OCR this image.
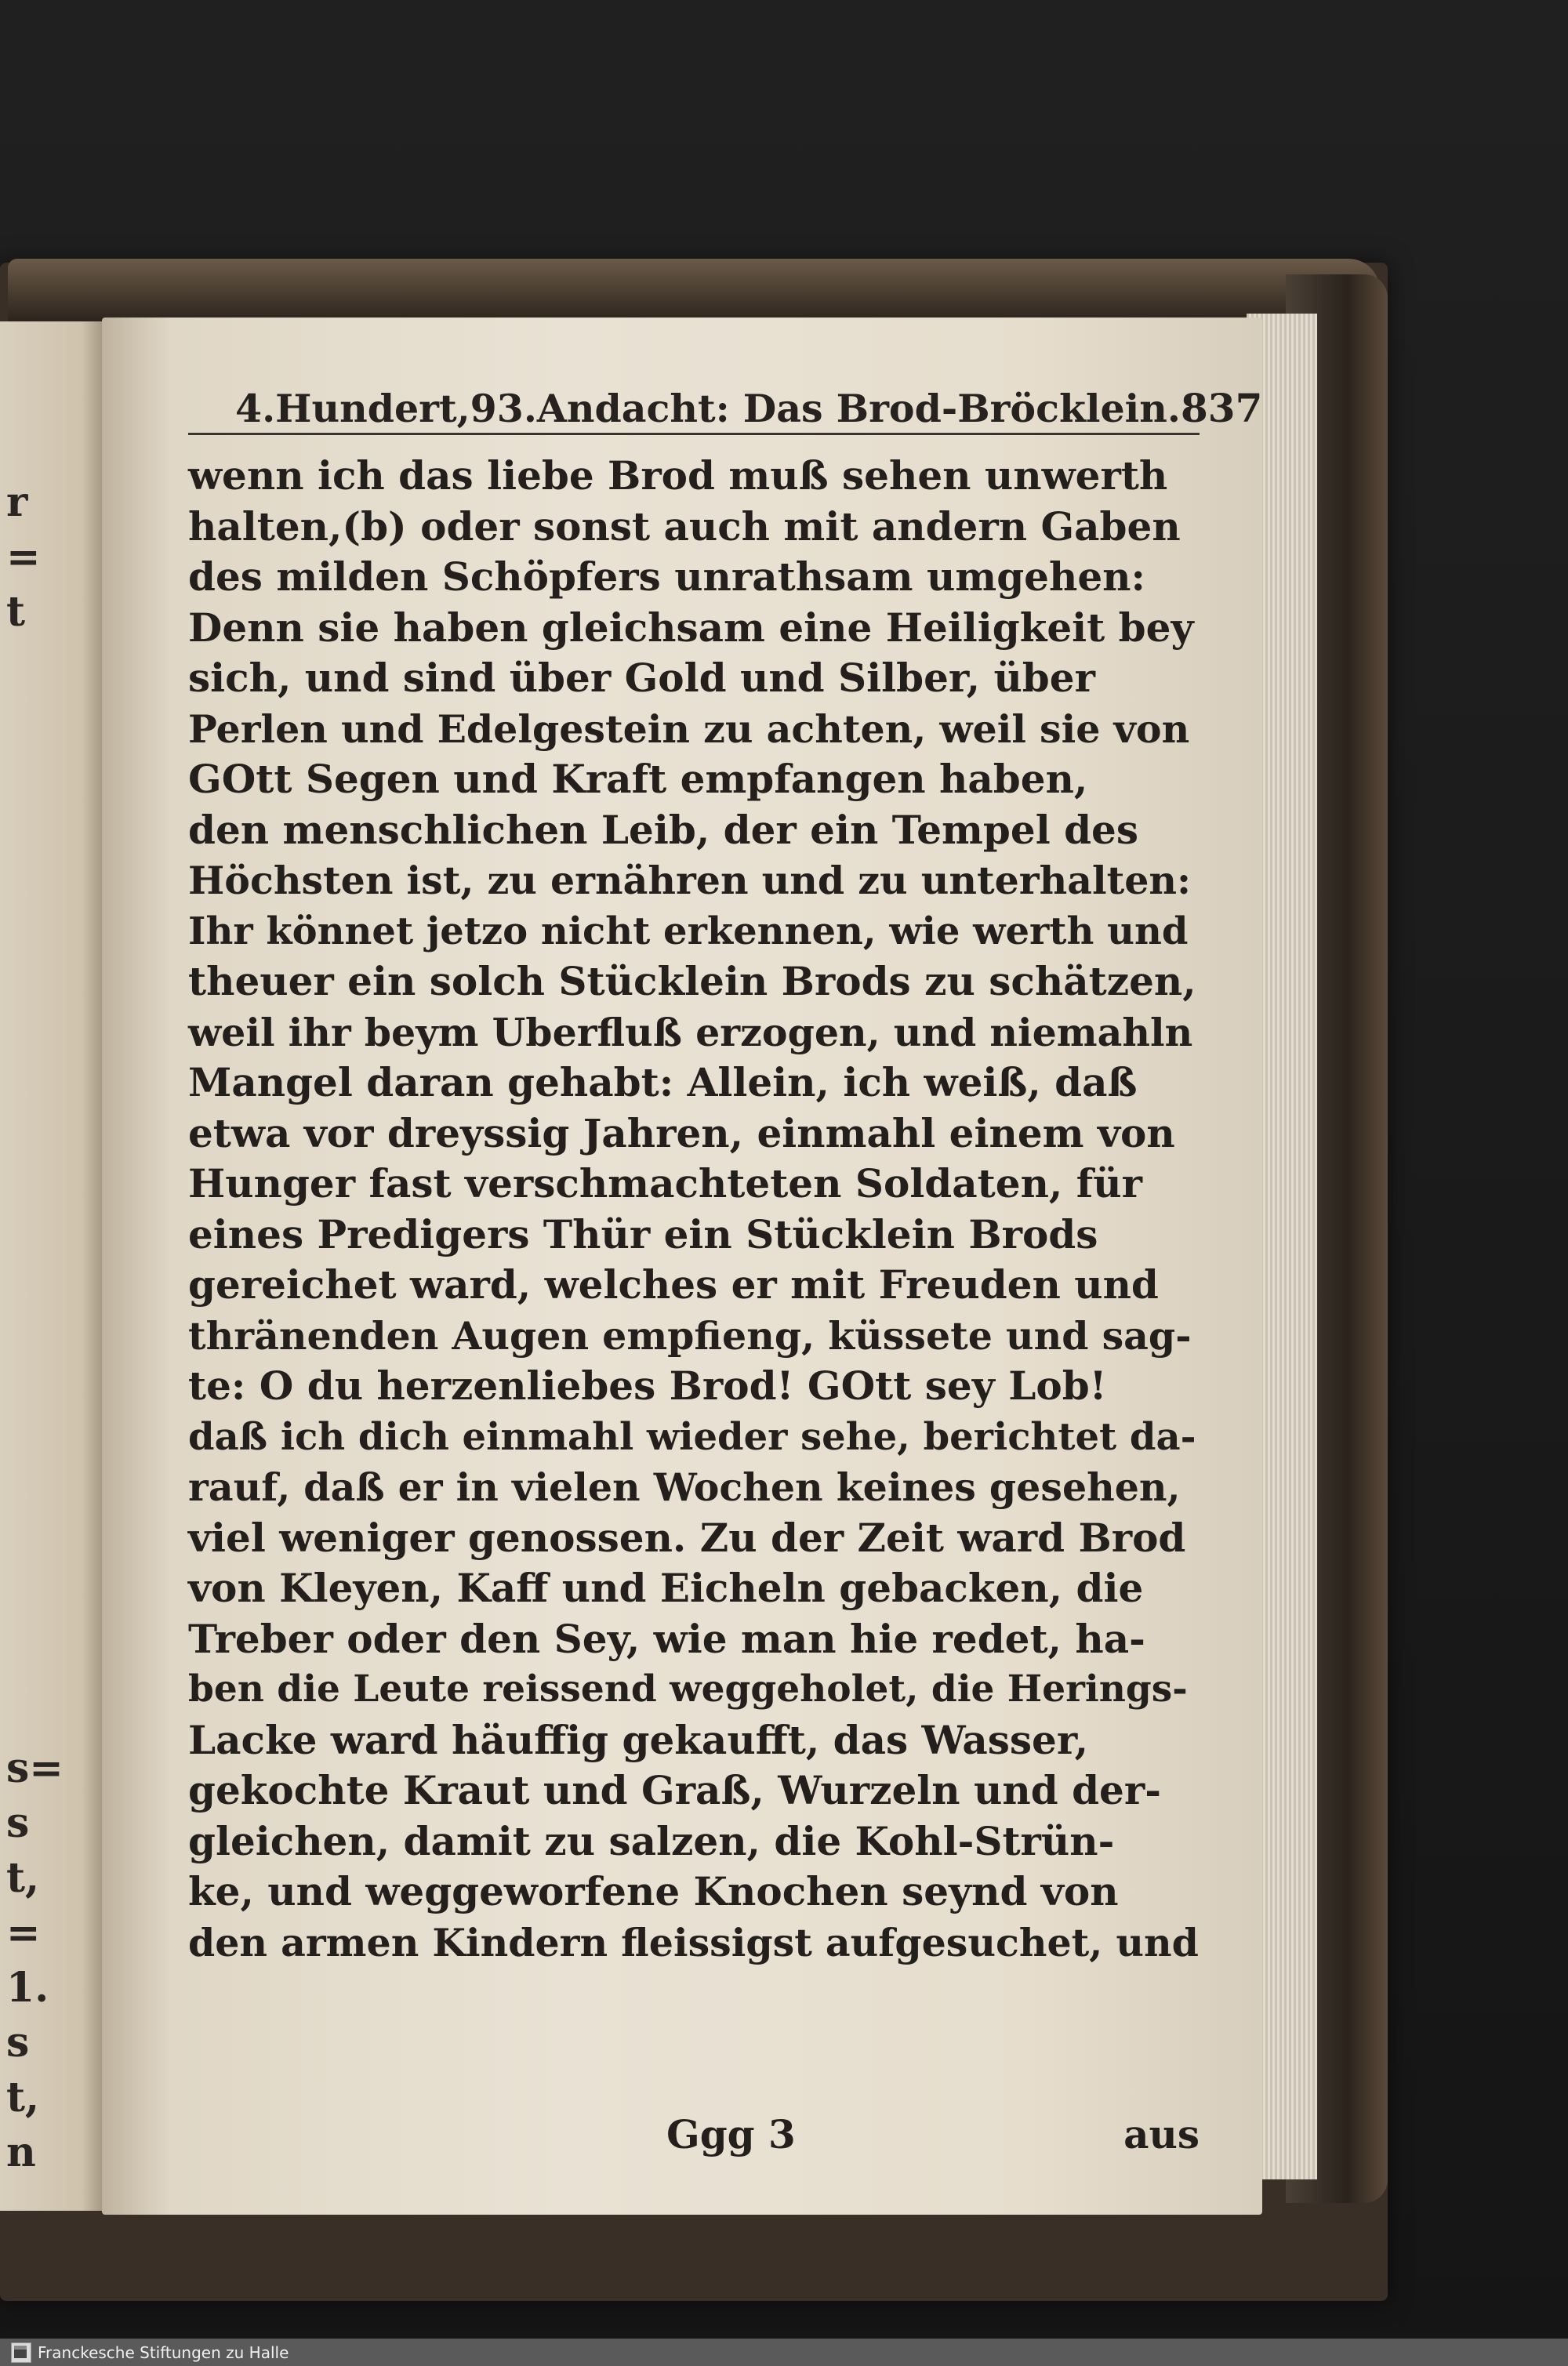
r
=
t
s=
s
t,
=
1.
s
t,
n
4.Hundert,93.Andacht: Das Brod-Bröcklein. 837
wenn ich das liebe Brod muß sehen unwerth
halten,(b) oder sonst auch mit andern Gaben
des milden Schöpfers unrathsam umgehen:
Denn sie haben gleichsam eine Heiligkeit bey
sich, und sind über Gold und Silber, über
Perlen und Edelgestein zu achten, weil sie von
GOtt Segen und Kraft empfangen haben,
den menschlichen Leib, der ein Tempel des
Höchsten ist, zu ernähren und zu unterhalten:
Ihr könnet jetzo nicht erkennen, wie werth und
theuer ein solch Stücklein Brods zu schätzen,
weil ihr beym Uberfluß erzogen, und niemahln
Mangel daran gehabt: Allein, ich weiß, daß
etwa vor dreyssig Jahren, einmahl einem von
Hunger fast verschmachteten Soldaten, für
eines Predigers Thür ein Stücklein Brods
gereichet ward, welches er mit Freuden und
thränenden Augen empfieng, küssete und sag-
te: O du herzenliebes Brod! GOtt sey Lob!
daß ich dich einmahl wieder sehe, berichtet da-
rauf, daß er in vielen Wochen keines gesehen,
viel weniger genossen. Zu der Zeit ward Brod
von Kleyen, Kaff und Eicheln gebacken, die
Treber oder den Sey, wie man hie redet, ha-
ben die Leute reissend weggeholet, die Herings-
Lacke ward häuffig gekaufft, das Wasser,
gekochte Kraut und Graß, Wurzeln und der-
gleichen, damit zu salzen, die Kohl-Strün-
ke, und weggeworfene Knochen seynd von
den armen Kindern fleissigst aufgesuchet, und
Ggg 3	aus
Franckesche Stiftungen zu Halle
